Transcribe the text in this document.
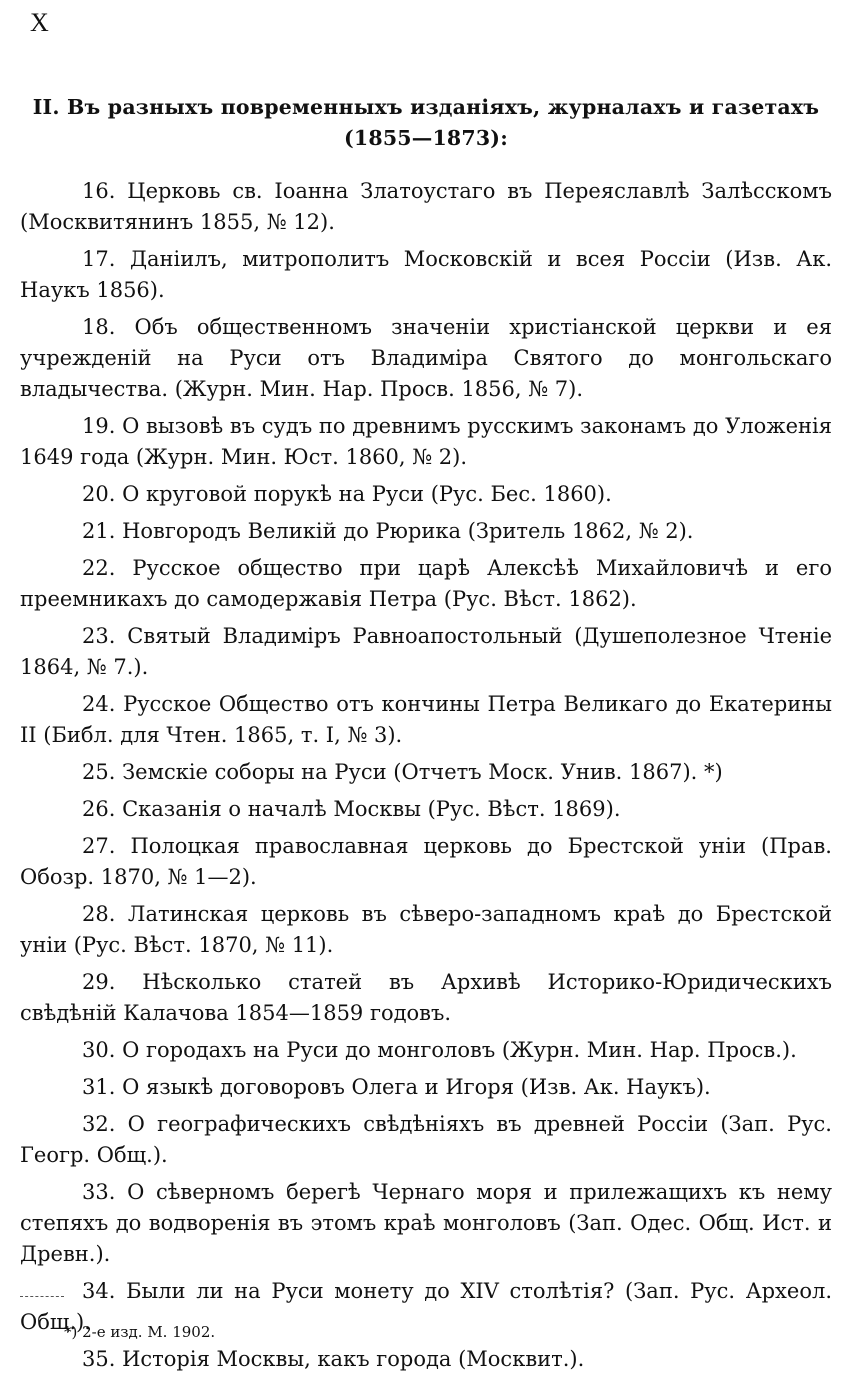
X
II. Въ разныхъ повременныхъ изданіяхъ, журналахъ и газетахъ
(1855—1873):

16. Церковь св. Іоанна Златоустаго въ Переяславлѣ Залѣсскомъ (Москвитянинъ 1855, № 12).

17. Даніилъ, митрополитъ Московскій и всея Россіи (Изв. Ак. Наукъ 1856).

18. Объ общественномъ значеніи христіанской церкви и ея учрежденій на Руси отъ Владиміра Святого до монгольскаго владычества. (Журн. Мин. Нар. Просв. 1856, № 7).

19. О вызовѣ въ судъ по древнимъ русскимъ законамъ до Уложенія 1649 года (Журн. Мин. Юст. 1860, № 2).

20. О круговой порукѣ на Руси (Рус. Бес. 1860).

21. Новгородъ Великій до Рюрика (Зритель 1862, № 2).

22. Русское общество при царѣ Алексѣѣ Михайловичѣ и его преемникахъ до самодержавія Петра (Рус. Вѣст. 1862).

23. Святый Владиміръ Равноапостольный (Душеполезное Чтеніе 1864, № 7.).

24. Русское Общество отъ кончины Петра Великаго до Екатерины II (Библ. для Чтен. 1865, т. I, № 3).

25. Земскіе соборы на Руси (Отчетъ Моск. Унив. 1867). *)

26. Сказанія о началѣ Москвы (Рус. Вѣст. 1869).

27. Полоцкая православная церковь до Брестской уніи (Прав. Обозр. 1870, № 1—2).

28. Латинская церковь въ сѣверо-западномъ краѣ до Брестской уніи (Рус. Вѣст. 1870, № 11).

29. Нѣсколько статей въ Архивѣ Историко-Юридическихъ свѣдѣній Калачова 1854—1859 годовъ.

30. О городахъ на Руси до монголовъ (Журн. Мин. Нар. Просв.).

31. О языкѣ договоровъ Олега и Игоря (Изв. Ак. Наукъ).

32. О географическихъ свѣдѣніяхъ въ древней Россіи (Зап. Рус. Геогр. Общ.).

33. О сѣверномъ берегѣ Чернаго моря и прилежащихъ къ нему степяхъ до водворенія въ этомъ краѣ монголовъ (Зап. Одес. Общ. Ист. и Древн.).

34. Были ли на Руси монету до XIV столѣтія? (Зап. Рус. Археол. Общ.).

35. Исторія Москвы, какъ города (Москвит.).

*) 2-е изд. М. 1902.
